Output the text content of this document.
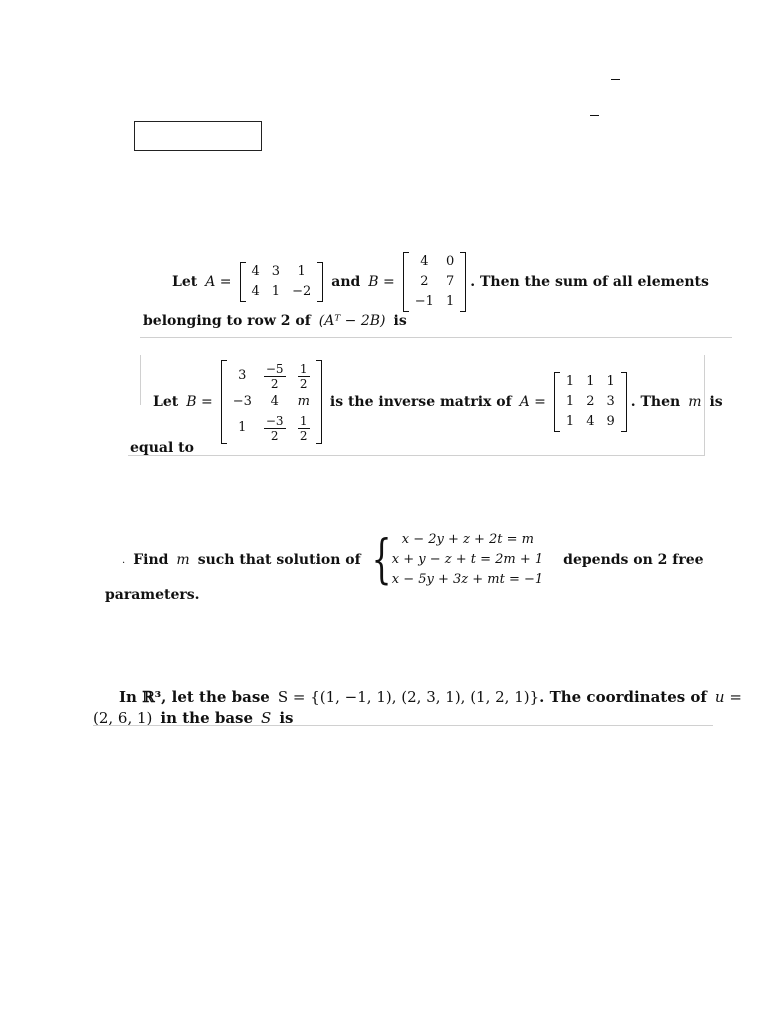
Let A =
4	3	1
4	1	−2
and B =
4	0
2	7
−1	1
. Then the sum of all elements
belonging to row 2 of (Aᵀ − 2B) is
Let B =
3	$\frac{-5}{2}$	$\frac{1}{2}$

−3	4	m
1	$\frac{-3}{2}$	$\frac{1}{2}$
is the inverse matrix of A =
1	1	1
1	2	3
1	4	9
. Then m is
equal to
. Find m such that solution of { x − 2y + z + 2t = m
x + y − z + t = 2m + 1
x − 5y + 3z + mt = −1
depends on 2 free
parameters.
In ℝ³, let the base S = {(1, −1, 1), (2, 3, 1), (1, 2, 1)} . The coordinates of u =
(2, 6, 1) in the base S is
